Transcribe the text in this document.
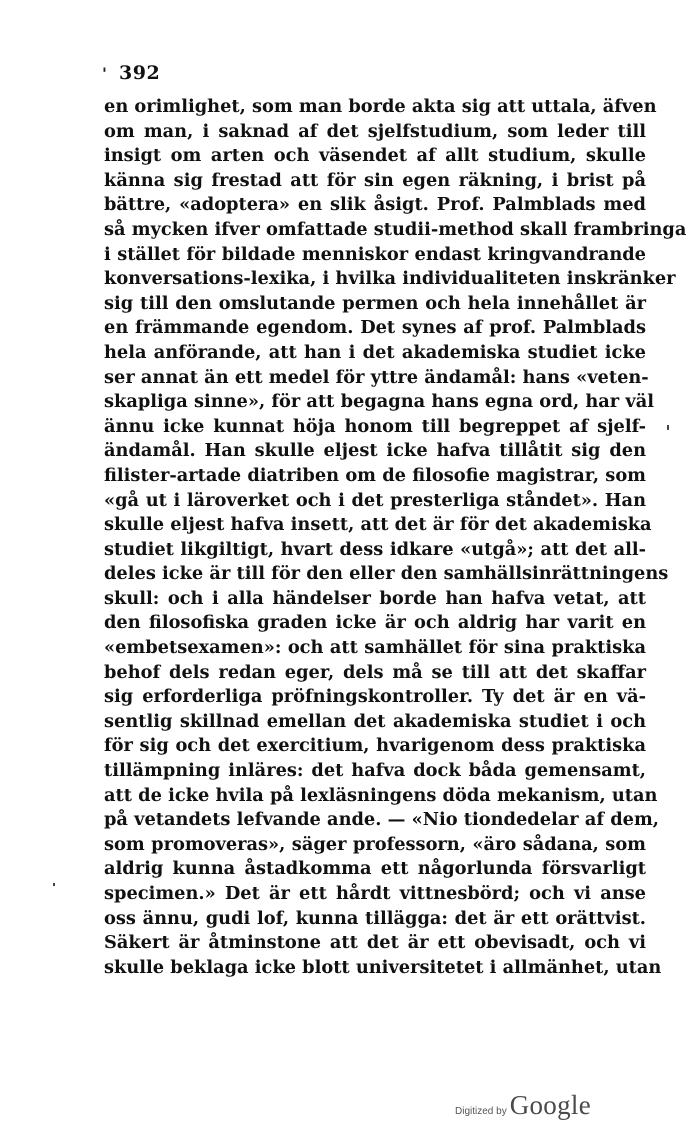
' 392
en orimlighet, som man borde akta sig att uttala, äfven
om man, i saknad af det sjelfstudium, som leder till
insigt om arten och väsendet af allt studium, skulle
känna sig frestad att för sin egen räkning, i brist på
bättre, «adoptera» en slik åsigt. Prof. Palmblads med
så mycken ifver omfattade studii-method skall frambringa
i stället för bildade menniskor endast kringvandrande
konversations-lexika, i hvilka individualiteten inskränker
sig till den omslutande permen och hela innehållet är
en främmande egendom. Det synes af prof. Palmblads
hela anförande, att han i det akademiska studiet icke
ser annat än ett medel för yttre ändamål: hans «veten-
skapliga sinne», för att begagna hans egna ord, har väl
ännu icke kunnat höja honom till begreppet af sjelf-
ändamål. Han skulle eljest icke hafva tillåtit sig den
filister-artade diatriben om de filosofie magistrar, som
«gå ut i läroverket och i det presterliga ståndet». Han
skulle eljest hafva insett, att det är för det akademiska
studiet likgiltigt, hvart dess idkare «utgå»; att det all-
deles icke är till för den eller den samhällsinrättningens
skull: och i alla händelser borde han hafva vetat, att
den filosofiska graden icke är och aldrig har varit en
«embetsexamen»: och att samhället för sina praktiska
behof dels redan eger, dels må se till att det skaffar
sig erforderliga pröfningskontroller. Ty det är en vä-
sentlig skillnad emellan det akademiska studiet i och
för sig och det exercitium, hvarigenom dess praktiska
tillämpning inläres: det hafva dock båda gemensamt,
att de icke hvila på lexläsningens döda mekanism, utan
på vetandets lefvande ande. — «Nio tiondedelar af dem,
som promoveras», säger professorn, «äro sådana, som
aldrig kunna åstadkomma ett någorlunda försvarligt
specimen.» Det är ett hårdt vittnesbörd; och vi anse
oss ännu, gudi lof, kunna tillägga: det är ett orättvist.
Säkert är åtminstone att det är ett obevisadt, och vi
skulle beklaga icke blott universitetet i allmänhet, utan
Digitized by Google
